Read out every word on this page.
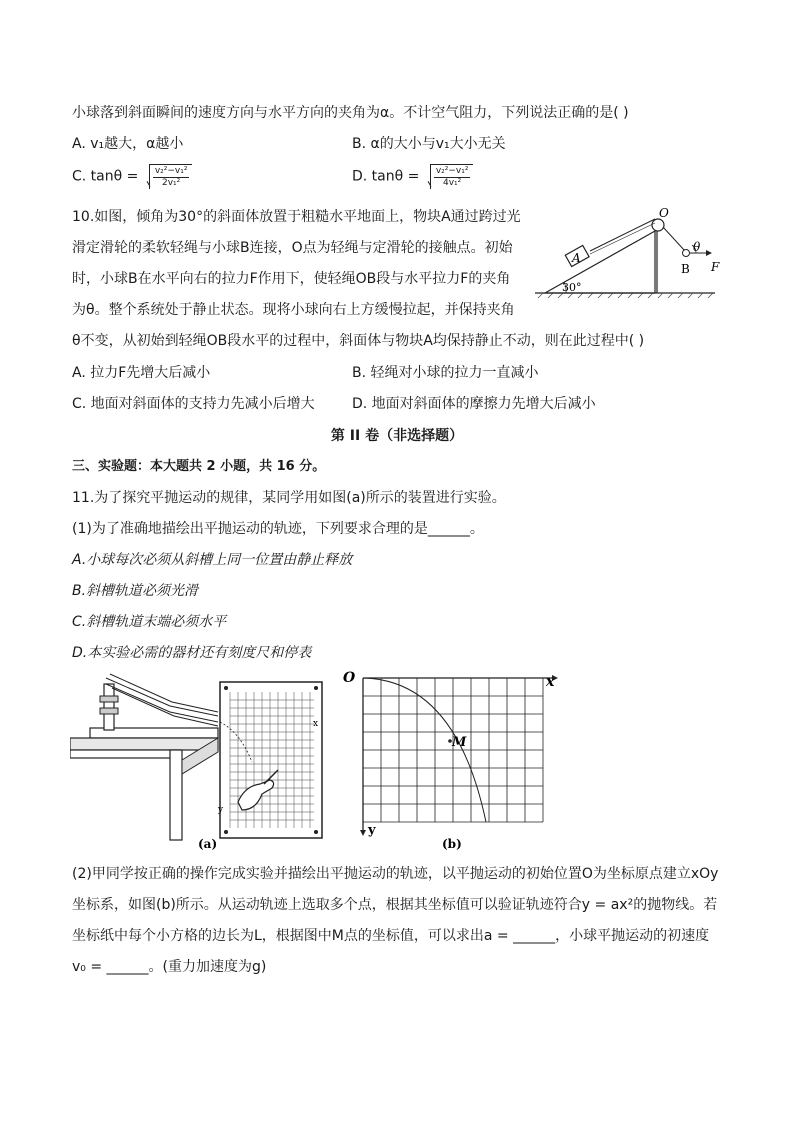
小球落到斜面瞬间的速度方向与水平方向的夹角为α。不计空气阻力，下列说法正确的是( )
A. v₁越大，α越小	B. α的大小与v₁大小无关
C. $\tan\theta = \frac{\text{v₂²−v₁²}}{\text{2v₁²}}$	D. $\tan\theta = \frac{\text{v₂²−v₁²}}{\text{4v₁²}}$
10.如图，倾角为30°的斜面体放置于粗糙水平地面上，物块A通过跨过光
滑定滑轮的柔软轻绳与小球B连接，O点为轻绳与定滑轮的接触点。初始
时，小球B在水平向右的拉力F作用下，使轻绳OB段与水平拉力F的夹角
为θ。整个系统处于静止状态。现将小球向右上方缓慢拉起，并保持夹角
θ不变，从初始到轻绳OB段水平的过程中，斜面体与物块A均保持静止不动，则在此过程中( )
O
A
B
θ
F
30°
A. 拉力F先增大后减小	B. 轻绳对小球的拉力一直减小
C. 地面对斜面体的支持力先减小后增大	D. 地面对斜面体的摩擦力先增大后减小
第 II 卷（非选择题）
三、实验题：本大题共 2 小题，共 16 分。
11.为了探究平抛运动的规律，某同学用如图(a)所示的装置进行实验。
(1)为了准确地描绘出平抛运动的轨迹，下列要求合理的是______。
A.小球每次必须从斜槽上同一位置由静止释放
B.斜槽轨道必须光滑
C.斜槽轨道末端必须水平
D.本实验必需的器材还有刻度尺和停表
x
y
(a)
O	x
y
M
(b)
(2)甲同学按正确的操作完成实验并描绘出平抛运动的轨迹，以平抛运动的初始位置O为坐标原点建立xOy
坐标系，如图(b)所示。从运动轨迹上选取多个点，根据其坐标值可以验证轨迹符合y = ax²的抛物线。若
坐标纸中每个小方格的边长为L，根据图中M点的坐标值，可以求出a = ______，小球平抛运动的初速度
v₀ = ______。(重力加速度为g)
